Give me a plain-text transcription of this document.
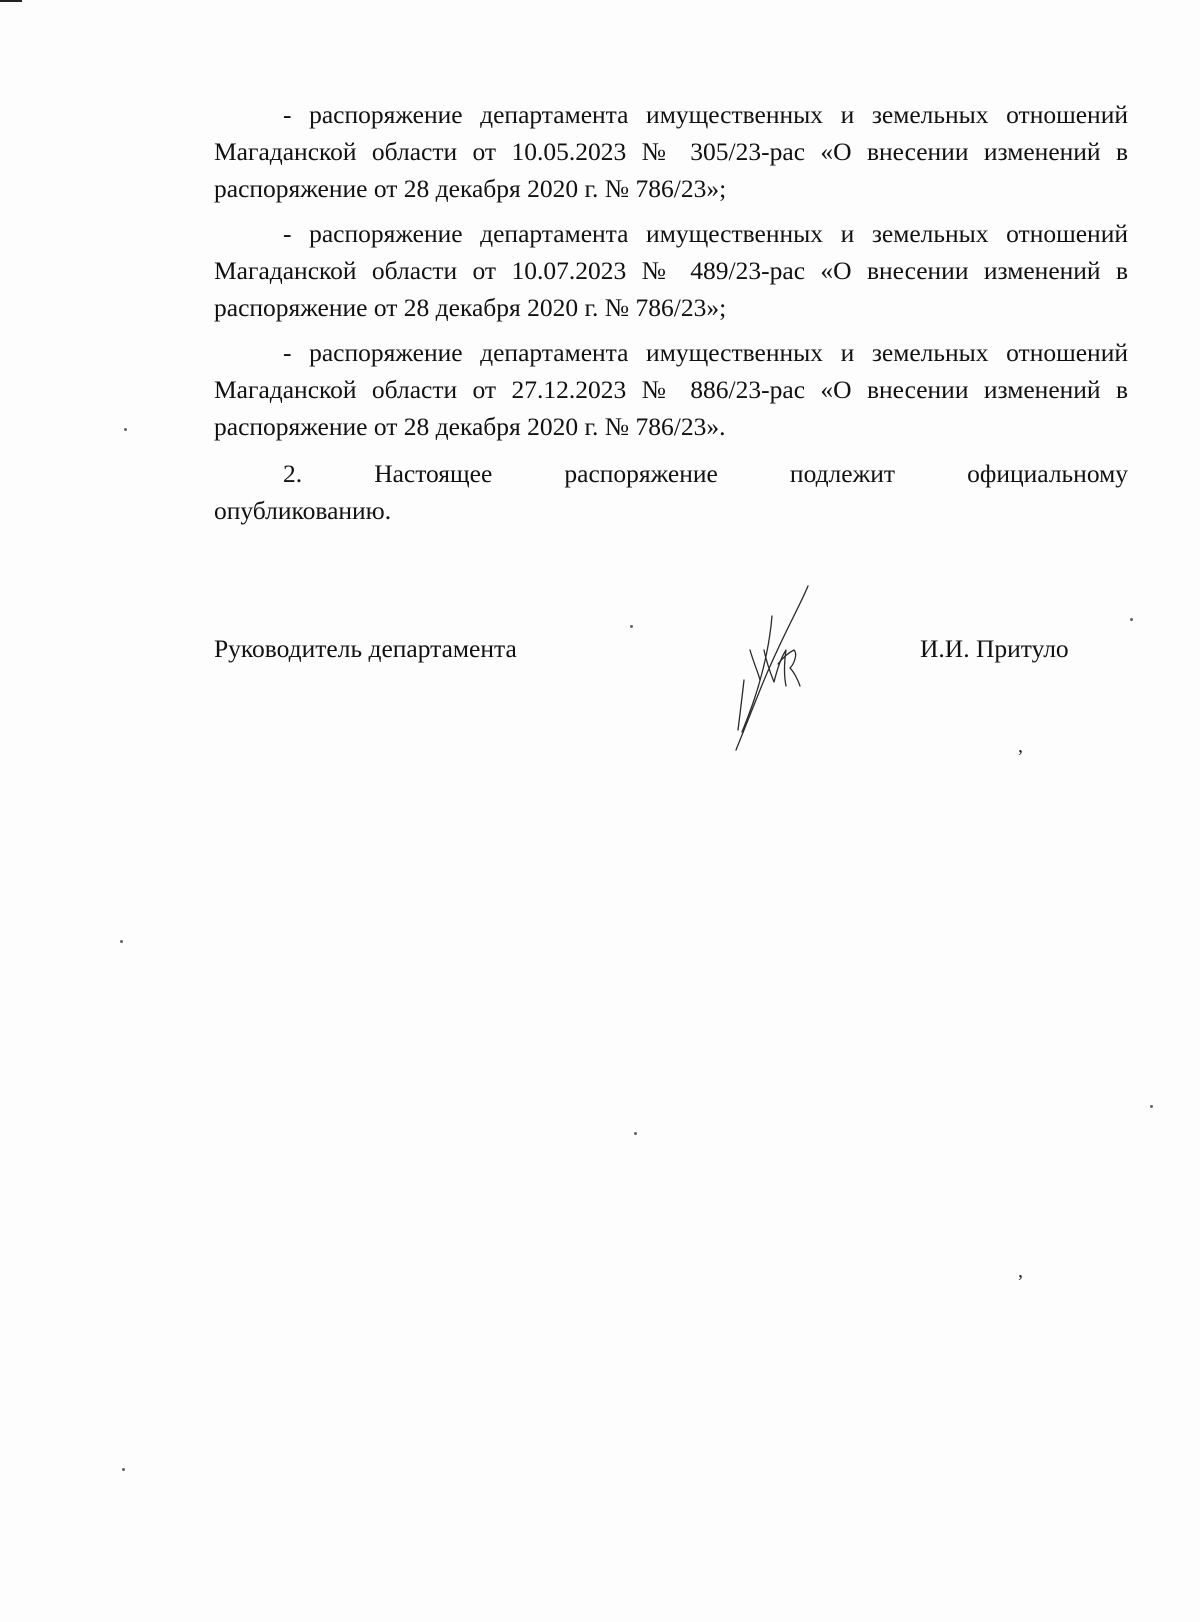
- распоряжение департамента имущественных и земельных отношений Магаданской области от 10.05.2023 № 305/23-рас «О внесении изменений в распоряжение от 28 декабря 2020 г. № 786/23»;

- распоряжение департамента имущественных и земельных отношений Магаданской области от 10.07.2023 № 489/23-рас «О внесении изменений в распоряжение от 28 декабря 2020 г. № 786/23»;

- распоряжение департамента имущественных и земельных отношений Магаданской области от 27.12.2023 № 886/23-рас «О внесении изменений в распоряжение от 28 декабря 2020 г. № 786/23».

2.	Настоящее	распоряжение	подлежит	официальному
опубликованию.
Руководитель департамента	И.И. Притуло
,
,
